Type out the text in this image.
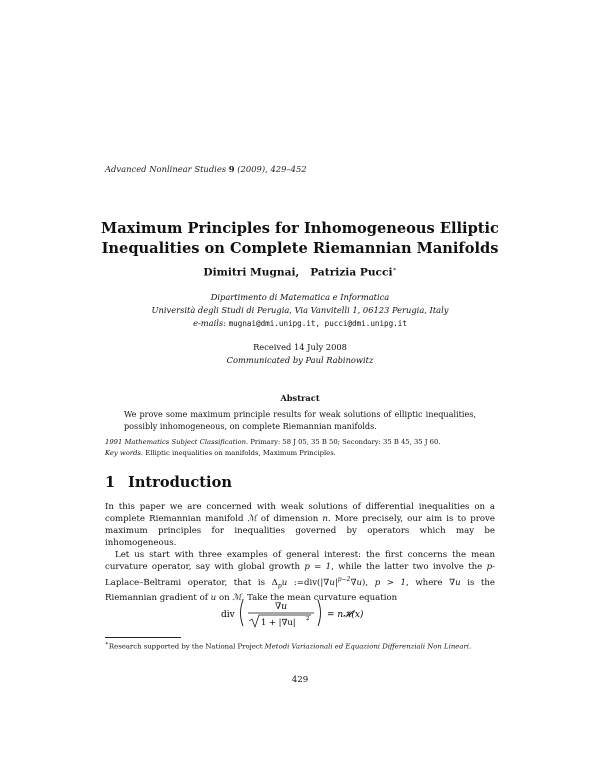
Advanced Nonlinear Studies 9 (2009), 429–452
Maximum Principles for Inhomogeneous Elliptic
Inequalities on Complete Riemannian Manifolds
Dimitri Mugnai, Patrizia Pucci∗
Dipartimento di Matematica e Informatica
Università degli Studi di Perugia, Via Vanvitelli 1, 06123 Perugia, Italy
e-mails: mugnai@dmi.unipg.it, pucci@dmi.unipg.it
Received 14 July 2008
Communicated by Paul Rabinowitz
Abstract
We prove some maximum principle results for weak solutions of elliptic inequalities, possibly inhomogeneous, on complete Riemannian manifolds.
1991 Mathematics Subject Classification. Primary: 58 J 05, 35 B 50; Secondary: 35 B 45, 35 J 60.
Key words. Elliptic inequalities on manifolds, Maximum Principles.
1 Introduction

In this paper we are concerned with weak solutions of differential inequalities on a complete Riemannian manifold ℳ of dimension n. More precisely, our aim is to prove maximum principles for inequalities governed by operators which may be inhomogeneous.

Let us start with three examples of general interest: the first concerns the mean curvature operator, say with global growth p = 1, while the latter two involve the p-Laplace–Beltrami operator, that is $\Delta_pu$ $:=div(|\nabla u|^{p-2}\nabla u)$, p > 1, where ∇u is the Riemannian gradient of u on ℳ. Take the mean curvature equation

div
∇u
1 + |∇u| 2 = n𝓗(x)
∗Research supported by the National Project Metodi Variazionali ed Equazioni Differenziali Non Lineari.
429
